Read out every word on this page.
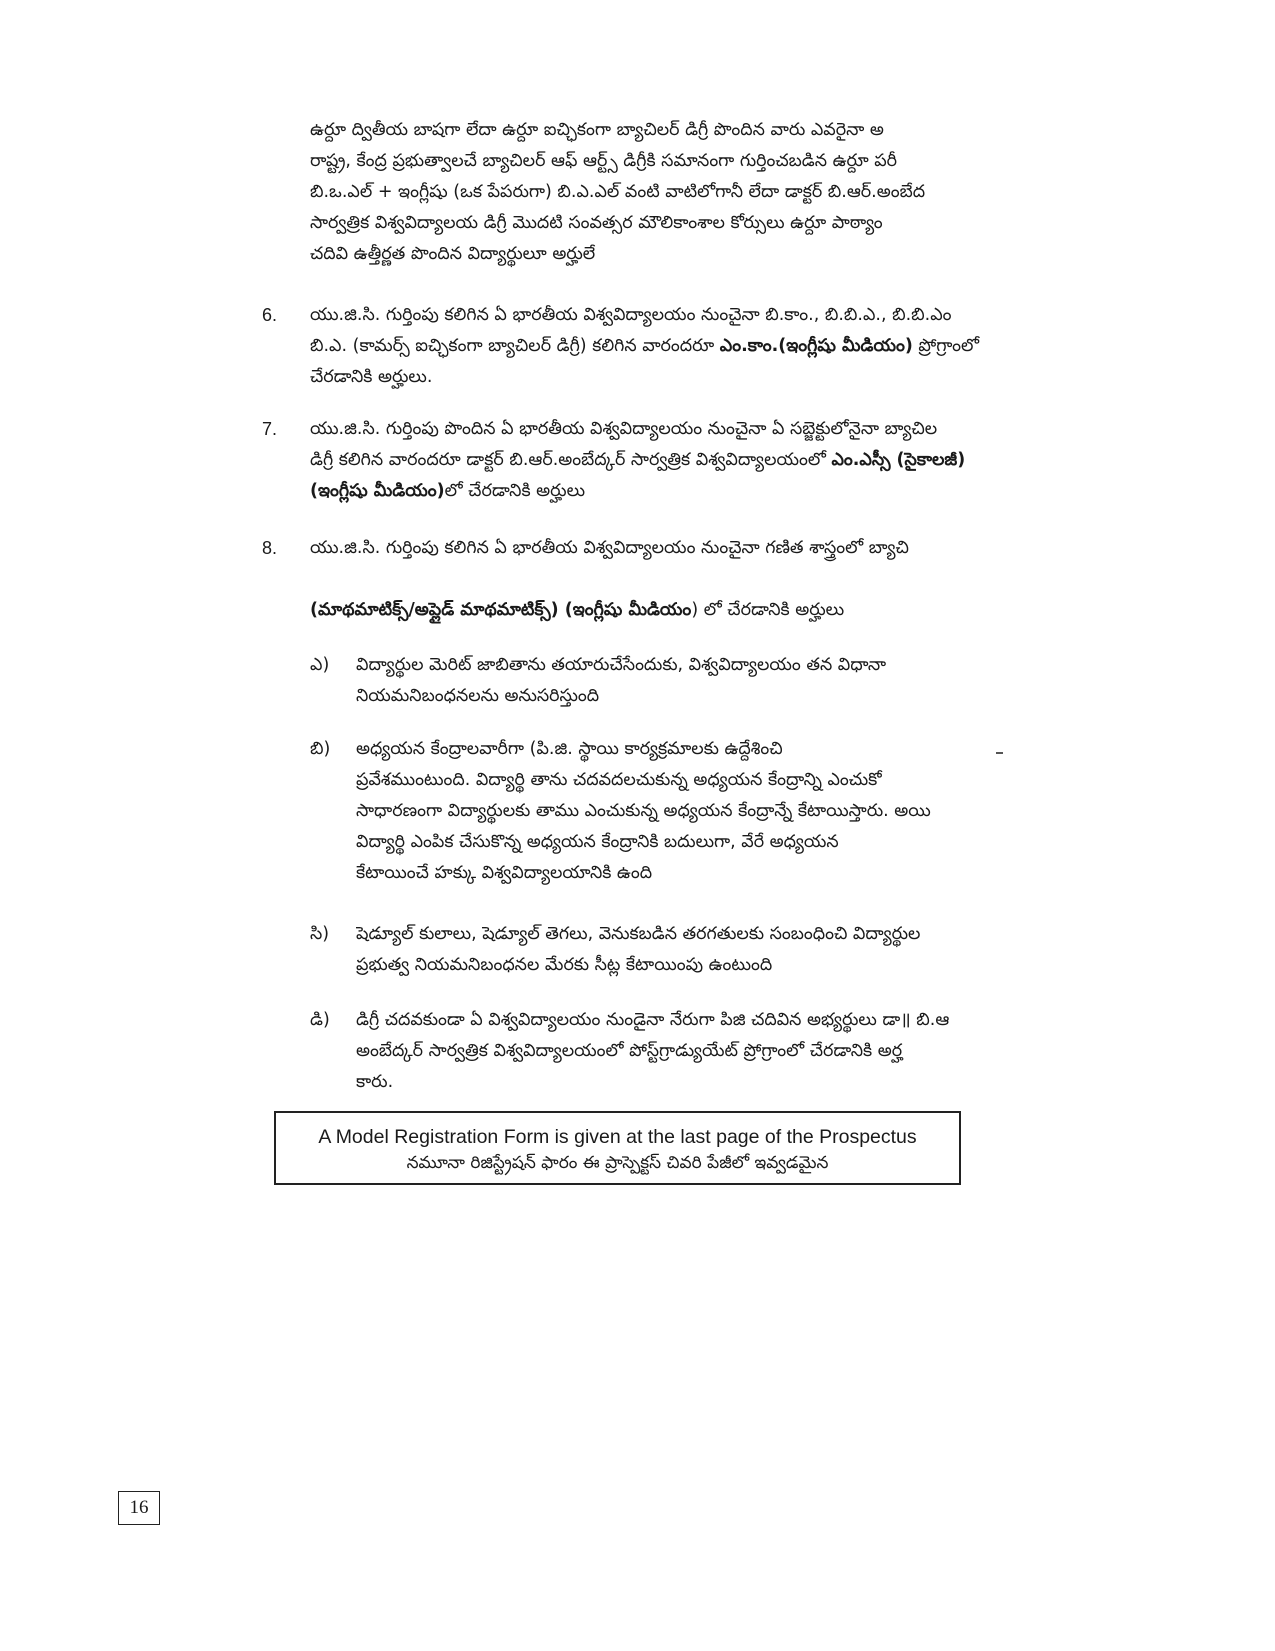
ఉర్దూ ద్వితీయ బాషగా లేదా ఉర్దూ ఐచ్ఛికంగా బ్యాచిలర్ డిగ్రీ పొందిన వారు ఎవరైనా అ
రాష్ట్ర, కేంద్ర ప్రభుత్వాలచే బ్యాచిలర్ ఆఫ్ ఆర్ట్స్ డిగ్రీకి సమానంగా గుర్తించబడిన ఉర్దూ పరీ
బి.ఒ.ఎల్ + ఇంగ్లీషు (ఒక పేపరుగా) బి.ఎ.ఎల్ వంటి వాటిలోగానీ లేదా డాక్టర్ బి.ఆర్.అంబేద
సార్వత్రిక విశ్వవిద్యాలయ డిగ్రీ మొదటి సంవత్సర మౌలికాంశాల కోర్సులు ఉర్దూ పాఠ్యాం
చదివి ఉత్తీర్ణత పొందిన విద్యార్థులూ అర్హులే
6. యు.జి.సి. గుర్తింపు కలిగిన ఏ భారతీయ విశ్వవిద్యాలయం నుంచైనా బి.కాం., బి.బి.ఎ., బి.బి.ఎం
బి.ఎ. (కామర్స్ ఐచ్ఛికంగా బ్యాచిలర్ డిగ్రీ) కలిగిన వారందరూ ఎం.కాం.(ఇంగ్లీషు మీడియం) ప్రోగ్రాంలో
చేరడానికి అర్హులు.
7. యు.జి.సి. గుర్తింపు పొందిన ఏ భారతీయ విశ్వవిద్యాలయం నుంచైనా ఏ సబ్జెక్టులోనైనా బ్యాచిల
డిగ్రీ కలిగిన వారందరూ డాక్టర్ బి.ఆర్.అంబేద్కర్ సార్వత్రిక విశ్వవిద్యాలయంలో ఎం.ఎస్సీ (సైకాలజీ)
(ఇంగ్లీషు మీడియం)లో చేరడానికి అర్హులు
8. యు.జి.సి. గుర్తింపు కలిగిన ఏ భారతీయ విశ్వవిద్యాలయం నుంచైనా గణిత శాస్త్రంలో బ్యాచి

(మాథమాటిక్స్/అప్లైడ్ మాథమాటిక్స్) (ఇంగ్లీషు మీడియం) లో చేరడానికి అర్హులు
ఎ) విద్యార్థుల మెరిట్ జాబితాను తయారుచేసేందుకు, విశ్వవిద్యాలయం తన విధానా
నియమనిబంధనలను అనుసరిస్తుంది
బి) అధ్యయన కేంద్రాలవారీగా (పి.జి. స్థాయి కార్యక్రమాలకు ఉద్దేశించి
ప్రవేశముంటుంది. విద్యార్థి తాను చదవదలచుకున్న అధ్యయన కేంద్రాన్ని ఎంచుకో
సాధారణంగా విద్యార్థులకు తాము ఎంచుకున్న అధ్యయన కేంద్రాన్నే కేటాయిస్తారు. అయి
విద్యార్థి ఎంపిక చేసుకొన్న అధ్యయన కేంద్రానికి బదులుగా, వేరే అధ్యయన
కేటాయించే హక్కు విశ్వవిద్యాలయానికి ఉంది
సి) షెడ్యూల్ కులాలు, షెడ్యూల్ తెగలు, వెనుకబడిన తరగతులకు సంబంధించి విద్యార్థుల
ప్రభుత్వ నియమనిబంధనల మేరకు సీట్ల కేటాయింపు ఉంటుంది
డి) డిగ్రీ చదవకుండా ఏ విశ్వవిద్యాలయం నుండైనా నేరుగా పిజి చదివిన అభ్యర్థులు డా॥ బి.ఆ
అంబేద్కర్ సార్వత్రిక విశ్వవిద్యాలయంలో పోస్ట్‌గ్రాడ్యుయేట్ ప్రోగ్రాంలో చేరడానికి అర్హ
కారు.
A Model Registration Form is given at the last page of the Prospectus
నమూనా రిజిస్ట్రేషన్ ఫారం ఈ ప్రాస్పెక్టస్ చివరి పేజీలో ఇవ్వడమైన
16
